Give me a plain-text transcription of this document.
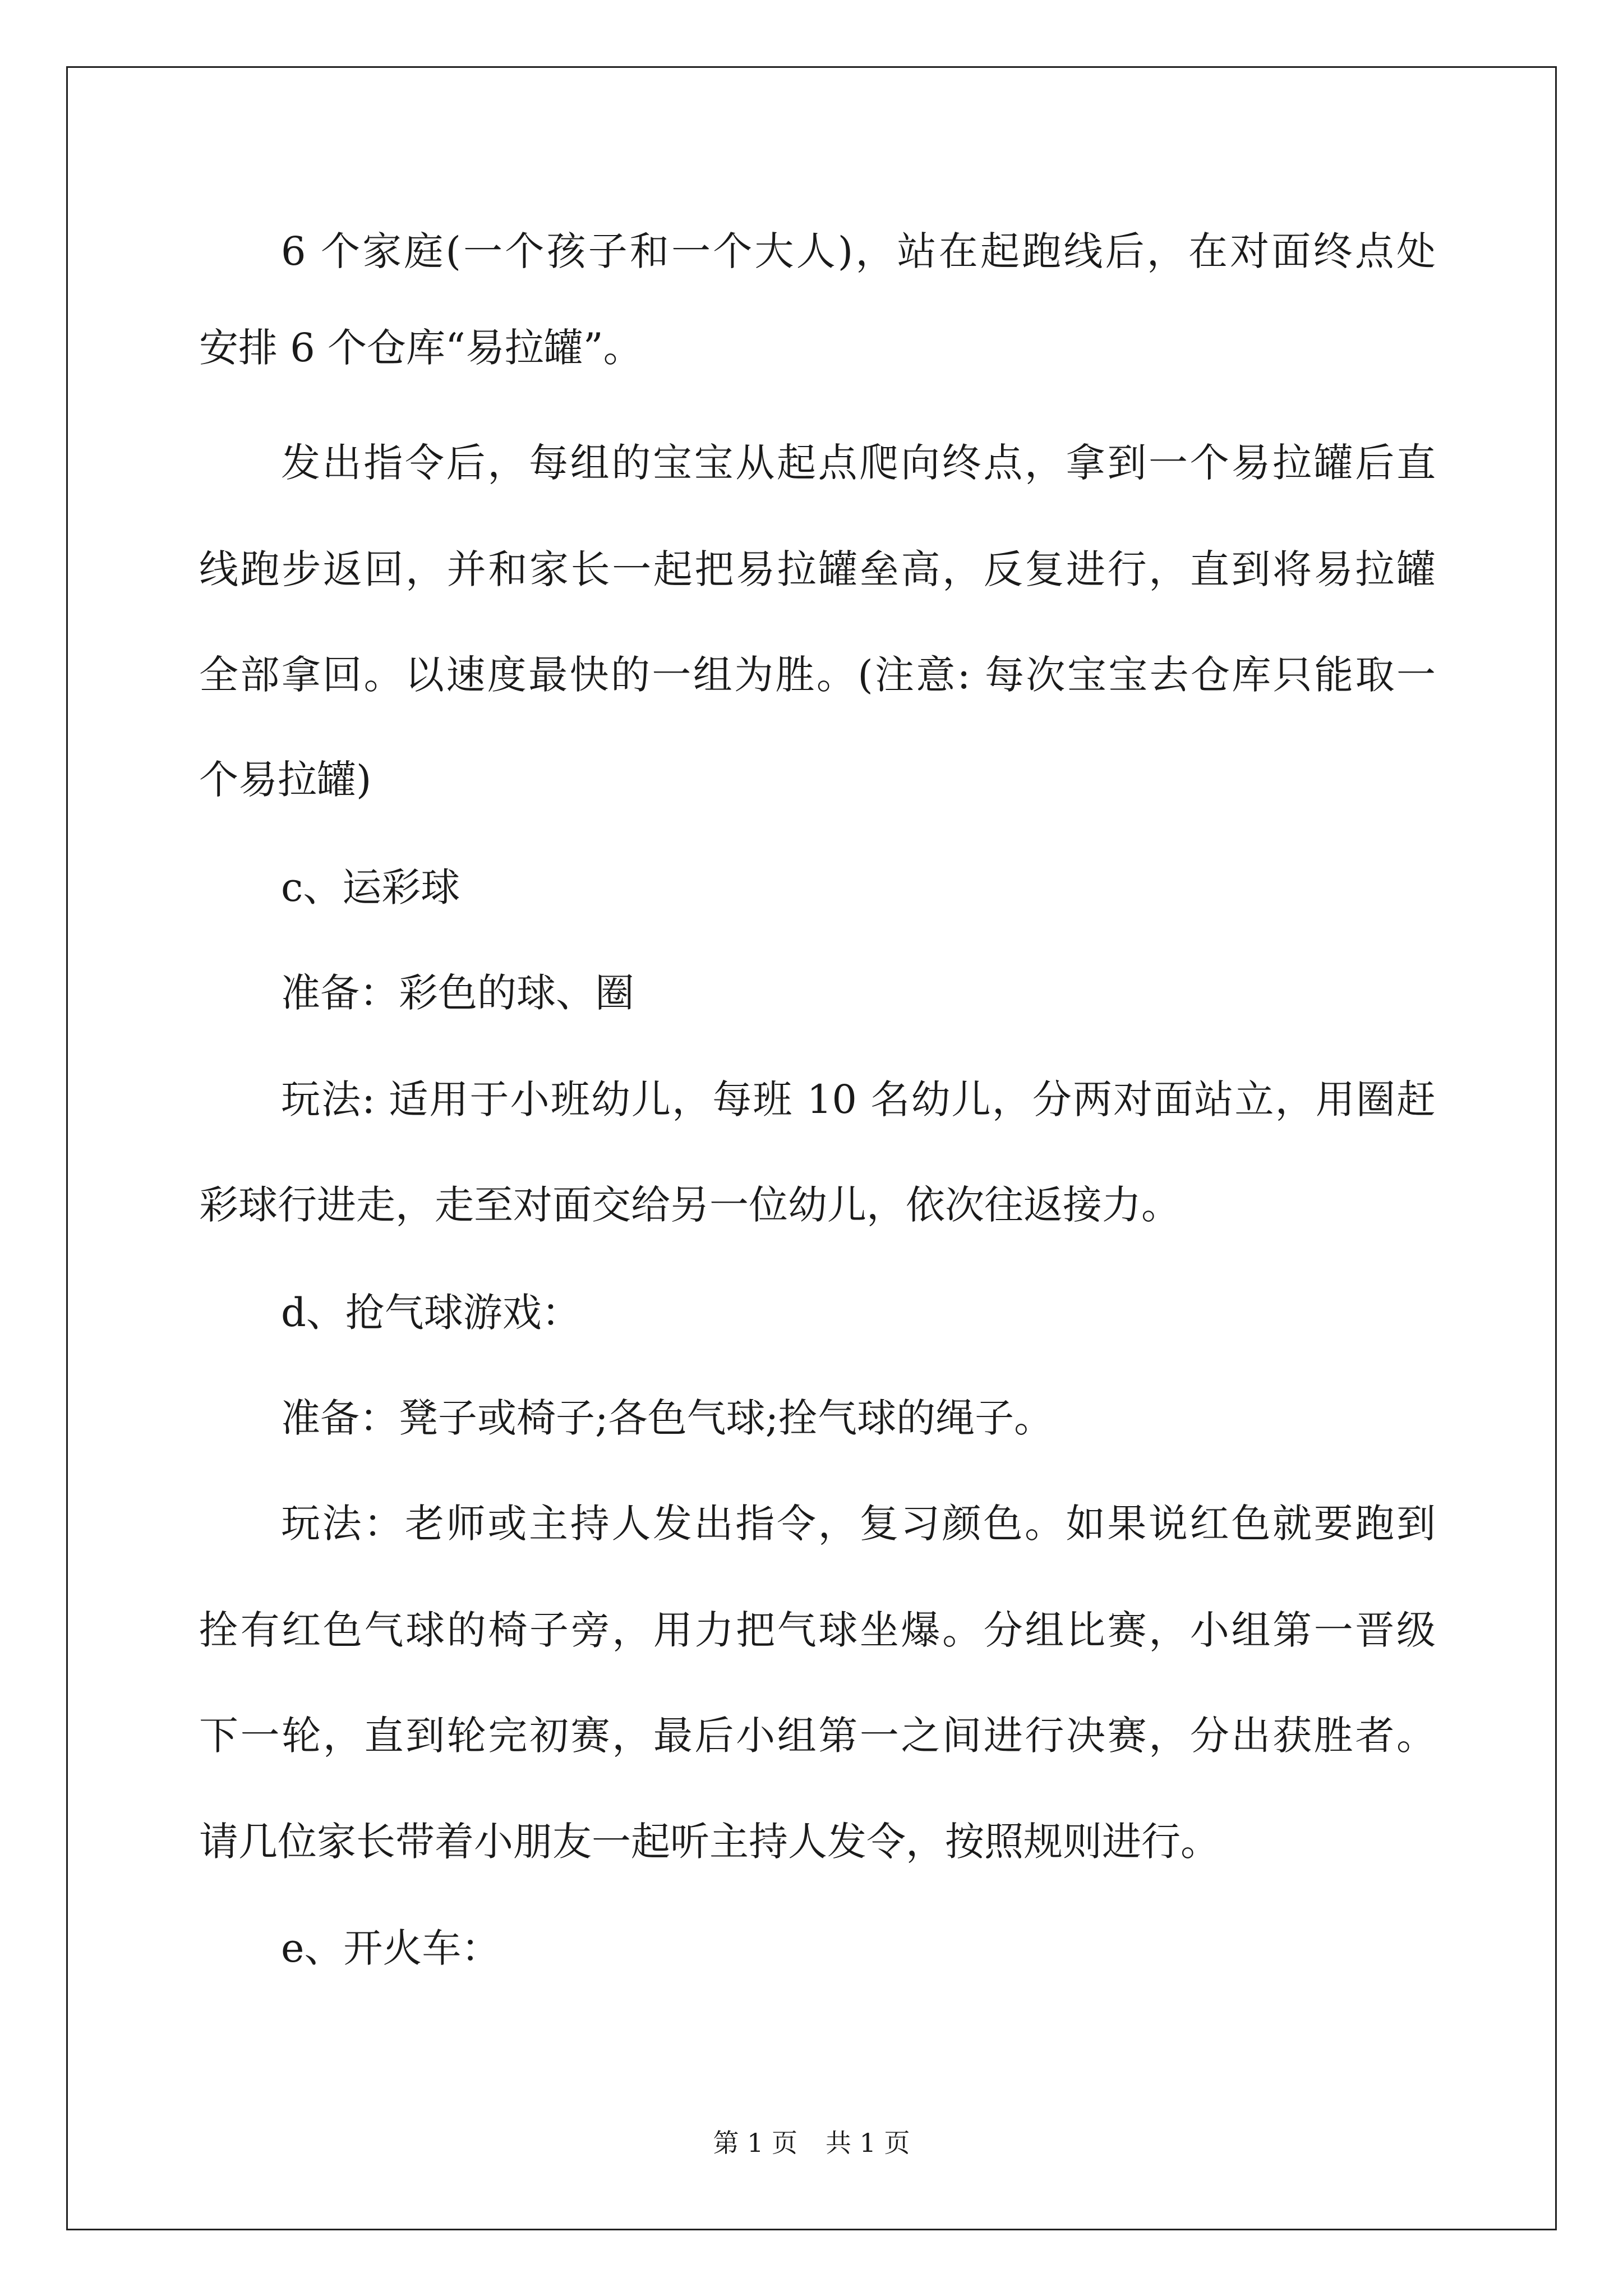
6 个家庭(一个孩子和一个大人)，站在起跑线后，在对面终点处
安排 6 个仓库“易拉罐”。
发出指令后，每组的宝宝从起点爬向终点，拿到一个易拉罐后直
线跑步返回，并和家长一起把易拉罐垒高，反复进行，直到将易拉罐
全部拿回。以速度最快的一组为胜。(注意: 每次宝宝去仓库只能取一
个易拉罐)
c、运彩球
准备：彩色的球、圈
玩法: 适用于小班幼儿，每班 10 名幼儿，分两对面站立，用圈赶
彩球行进走，走至对面交给另一位幼儿，依次往返接力。
d、抢气球游戏：
准备：凳子或椅子;各色气球;拴气球的绳子。
玩法：老师或主持人发出指令，复习颜色。如果说红色就要跑到
拴有红色气球的椅子旁，用力把气球坐爆。分组比赛，小组第一晋级
下一轮，直到轮完初赛，最后小组第一之间进行决赛，分出获胜者。
请几位家长带着小朋友一起听主持人发令，按照规则进行。
e、开火车：
第 1 页 共 1 页
